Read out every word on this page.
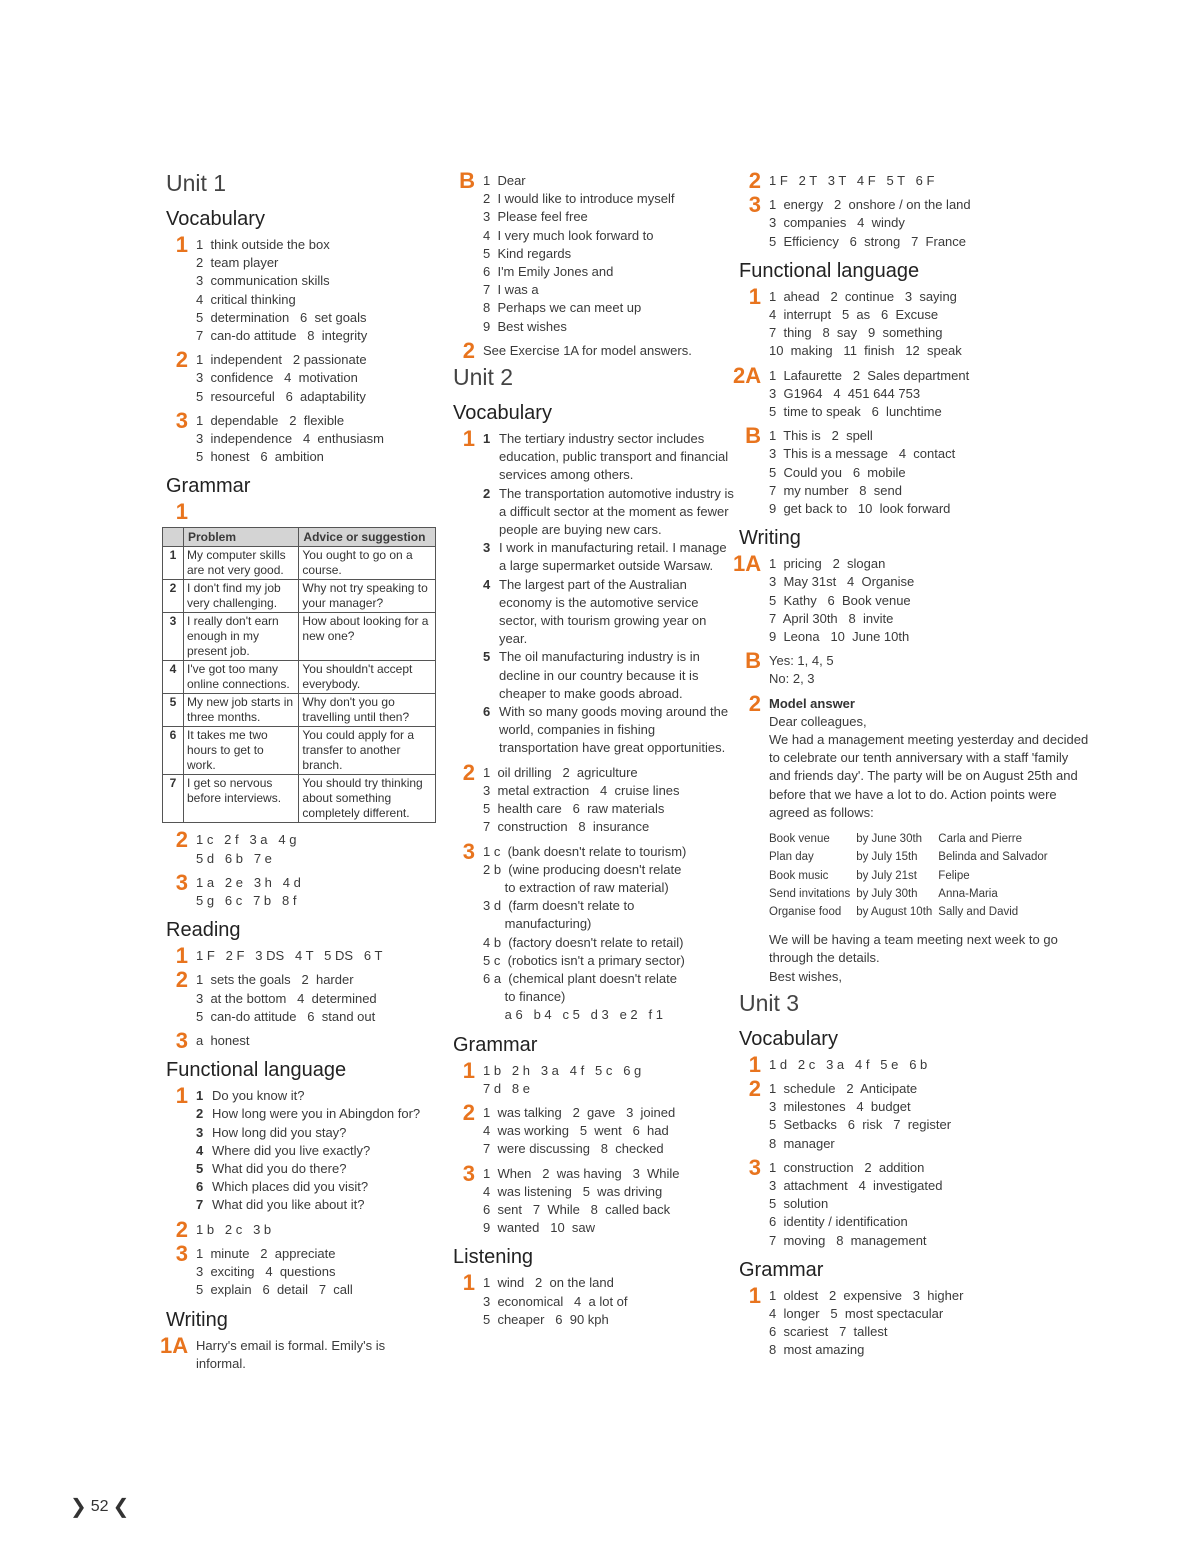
Unit 1
Vocabulary
1 1  think outside the box
2  team player
3  communication skills
4  critical thinking
5  determination   6  set goals
7  can-do attitude   8  integrity
2 1  independent   2 passionate
3  confidence   4  motivation
5  resourceful   6  adaptability
3 1  dependable   2  flexible
3  independence   4  enthusiasm
5  honest   6  ambition
Grammar
1
	Problem	Advice or suggestion
1	My computer skills are not very good.	You ought to go on a course.
2	I don't find my job very challenging.	Why not try speaking to your manager?
3	I really don't earn enough in my present job.	How about looking for a new one?
4	I've got too many online connections.	You shouldn't accept everybody.
5	My new job starts in three months.	Why don't you go travelling until then?
6	It takes me two hours to get to work.	You could apply for a transfer to another branch.
7	I get so nervous before interviews.	You should try thinking about something completely different.
2 1 c   2 f   3 a   4 g
5 d   6 b   7 e
3 1 a   2 e   3 h   4 d
5 g   6 c   7 b   8 f
Reading
1 1 F   2 F   3 DS   4 T   5 DS   6 T
2 1  sets the goals   2  harder
3  at the bottom   4  determined
5  can-do attitude   6  stand out
3 a  honest
Functional language
1 1 Do you know it?
2 How long were you in Abingdon for?
3 How long did you stay?
4 Where did you live exactly?
5 What did you do there?
6 Which places did you visit?
7 What did you like about it?
2 1 b   2 c   3 b
3 1  minute   2  appreciate
3  exciting   4  questions
5  explain   6  detail   7  call
Writing
1A Harry's email is formal. Emily's is
informal.
B 1  Dear
2  I would like to introduce myself
3  Please feel free
4  I very much look forward to
5  Kind regards
6  I'm Emily Jones and
7  I was a
8  Perhaps we can meet up
9  Best wishes
2 See Exercise 1A for model answers.
Unit 2
Vocabulary
1 1 The tertiary industry sector includes education, public transport and financial services among others.
2 The transportation automotive industry is a difficult sector at the moment as fewer people are buying new cars.
3 I work in manufacturing retail. I manage a large supermarket outside Warsaw.
4 The largest part of the Australian economy is the automotive service sector, with tourism growing year on year.
5 The oil manufacturing industry is in decline in our country because it is cheaper to make goods abroad.
6 With so many goods moving around the world, companies in fishing transportation have great opportunities.
2 1  oil drilling   2  agriculture
3  metal extraction   4  cruise lines
5  health care   6  raw materials
7  construction   8  insurance
3 1 c  (bank doesn't relate to tourism)
2 b  (wine producing doesn't relate
to extraction of raw material)
3 d  (farm doesn't relate to
manufacturing)
4 b  (factory doesn't relate to retail)
5 c  (robotics isn't a primary sector)
6 a  (chemical plant doesn't relate
to finance)
a 6   b 4   c 5   d 3   e 2   f 1
Grammar
1 1 b   2 h   3 a   4 f   5 c   6 g
7 d   8 e
2 1  was talking   2  gave   3  joined
4  was working   5  went   6  had
7  were discussing   8  checked
3 1  When   2  was having   3  While
4  was listening   5  was driving
6  sent   7  While   8  called back
9  wanted   10  saw
Listening
1 1  wind   2  on the land
3  economical   4  a lot of
5  cheaper   6  90 kph
2 1 F   2 T   3 T   4 F   5 T   6 F
3 1  energy   2  onshore / on the land
3  companies   4  windy
5  Efficiency   6  strong   7  France
Functional language
1 1  ahead   2  continue   3  saying
4  interrupt   5  as   6  Excuse
7  thing   8  say   9  something
10  making   11  finish   12  speak
2A 1  Lafaurette   2  Sales department
3  G1964   4  451 644 753
5  time to speak   6  lunchtime
B 1  This is   2  spell
3  This is a message   4  contact
5  Could you   6  mobile
7  my number   8  send
9  get back to   10  look forward
Writing
1A 1  pricing   2  slogan
3  May 31st   4  Organise
5  Kathy   6  Book venue
7  April 30th   8  invite
9  Leona   10  June 10th
B Yes: 1, 4, 5
No: 2, 3
2 Model answer
Dear colleagues,
We had a management meeting yesterday and decided to celebrate our tenth anniversary with a staff 'family and friends day'. The party will be on August 25th and before that we have a lot to do. Action points were agreed as follows:
Book venue	by June 30th	Carla and Pierre
Plan day	by July 15th	Belinda and Salvador
Book music	by July 21st	Felipe
Send invitations	by July 30th	Anna-Maria
Organise food	by August 10th	Sally and David
We will be having a team meeting next week to go through the details.
Best wishes,
Unit 3
Vocabulary
1 1 d   2 c   3 a   4 f   5 e   6 b
2 1  schedule   2  Anticipate
3  milestones   4  budget
5  Setbacks   6  risk   7  register
8  manager
3 1  construction   2  addition
3  attachment   4  investigated
5  solution
6  identity / identification
7  moving   8  management
Grammar
1 1  oldest   2  expensive   3  higher
4  longer   5  most spectacular
6  scariest   7  tallest
8  most amazing
❯ 52 ❮
